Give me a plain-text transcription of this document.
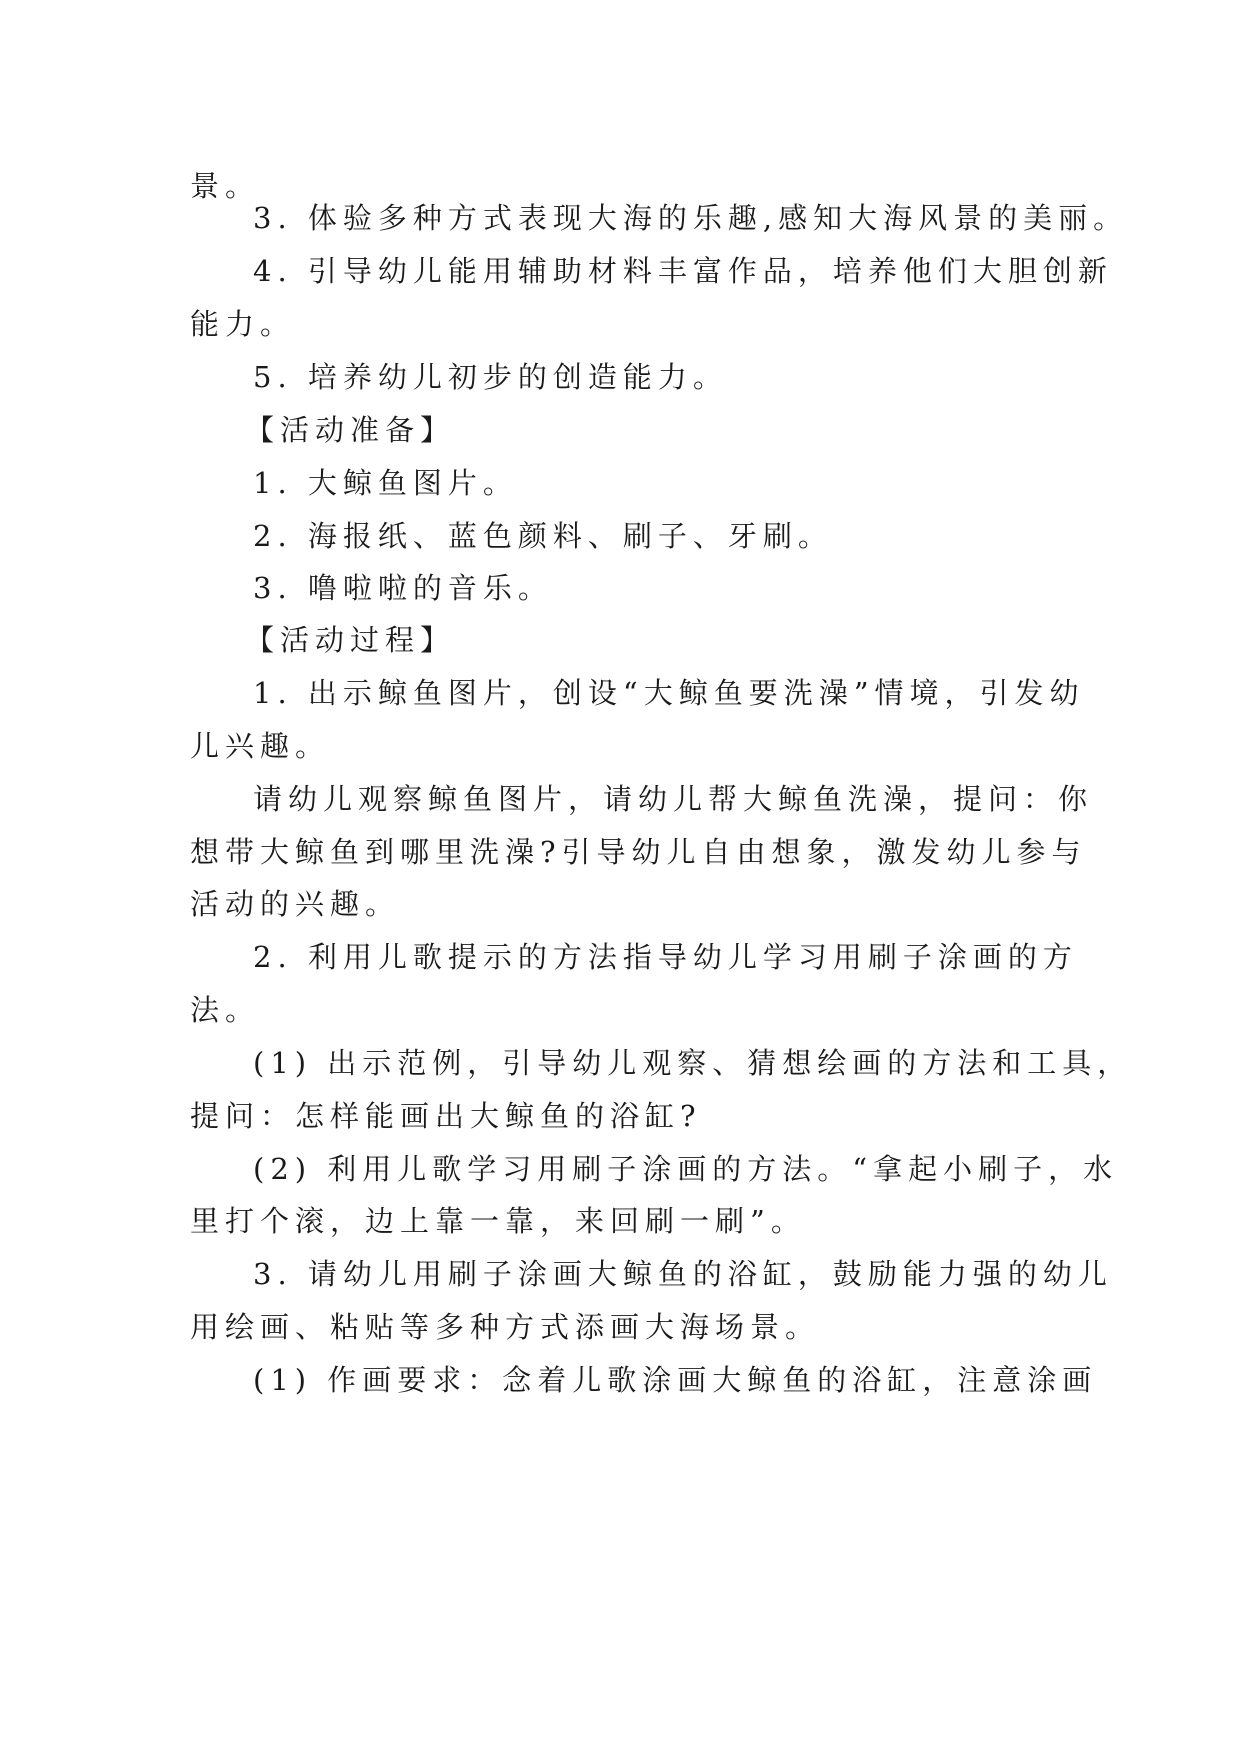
景。
3. 体验多种方式表现大海的乐趣,感知大海风景的美丽。
4. 引导幼儿能用辅助材料丰富作品，培养他们大胆创新
能力。
5. 培养幼儿初步的创造能力。
【活动准备】
1. 大鲸鱼图片。
2. 海报纸、蓝色颜料、刷子、牙刷。
3. 噜啦啦的音乐。
【活动过程】
1. 出示鲸鱼图片，创设“大鲸鱼要洗澡”情境，引发幼
儿兴趣。
请幼儿观察鲸鱼图片，请幼儿帮大鲸鱼洗澡，提问：你
想带大鲸鱼到哪里洗澡?引导幼儿自由想象，激发幼儿参与
活动的兴趣。
2. 利用儿歌提示的方法指导幼儿学习用刷子涂画的方
法。
(1) 出示范例，引导幼儿观察、猜想绘画的方法和工具，
提问：怎样能画出大鲸鱼的浴缸?
(2) 利用儿歌学习用刷子涂画的方法。“拿起小刷子，水
里打个滚，边上靠一靠，来回刷一刷”。
3. 请幼儿用刷子涂画大鲸鱼的浴缸，鼓励能力强的幼儿
用绘画、粘贴等多种方式添画大海场景。
(1) 作画要求：念着儿歌涂画大鲸鱼的浴缸，注意涂画
